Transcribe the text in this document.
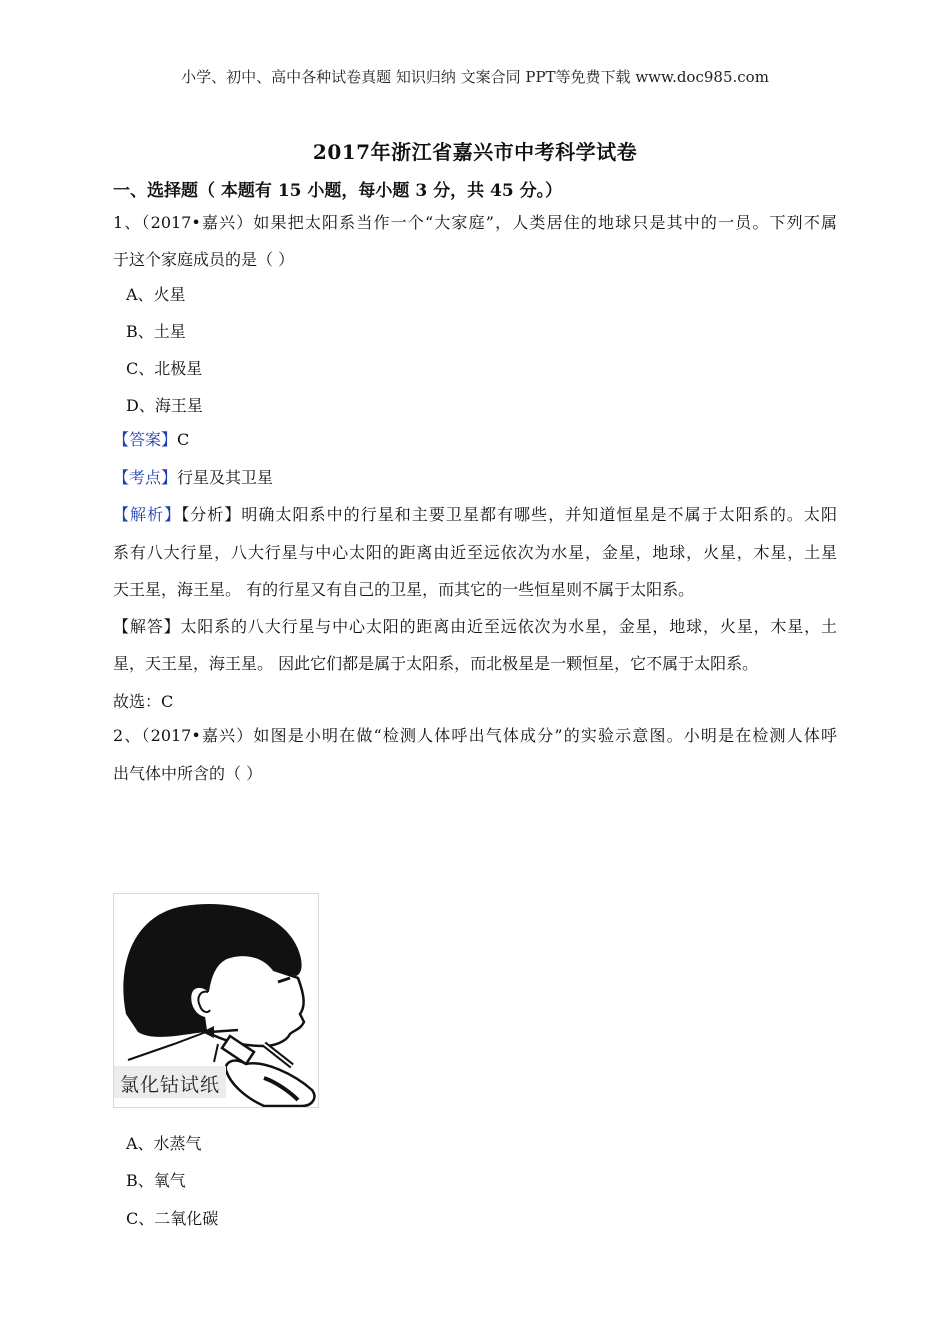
小学、初中、高中各种试卷真题 知识归纳 文案合同 PPT等免费下载 www.doc985.com
2017年浙江省嘉兴市中考科学试卷
一、选择题（ 本题有 15 小题，每小题 3 分，共 45 分。）
1、（2017•嘉兴）如果把太阳系当作一个“大家庭”，人类居住的地球只是其中的一员。下列不属
于这个家庭成员的是（ ）
A、火星
B、土星
C、北极星
D、海王星
【答案】C
【考点】行星及其卫星
【解析】【分析】明确太阳系中的行星和主要卫星都有哪些，并知道恒星是不属于太阳系的。太阳
系有八大行星，八大行星与中心太阳的距离由近至远依次为水星，金星，地球，火星，木星，土星
天王星，海王星。 有的行星又有自己的卫星，而其它的一些恒星则不属于太阳系。
【解答】太阳系的八大行星与中心太阳的距离由近至远依次为水星，金星，地球，火星，木星，土
星，天王星，海王星。 因此它们都是属于太阳系，而北极星是一颗恒星，它不属于太阳系。
故选：C
2、（2017•嘉兴）如图是小明在做“检测人体呼出气体成分”的实验示意图。小明是在检测人体呼
出气体中所含的（ ）
氯化钴试纸
A、水蒸气
B、氧气
C、二氧化碳
